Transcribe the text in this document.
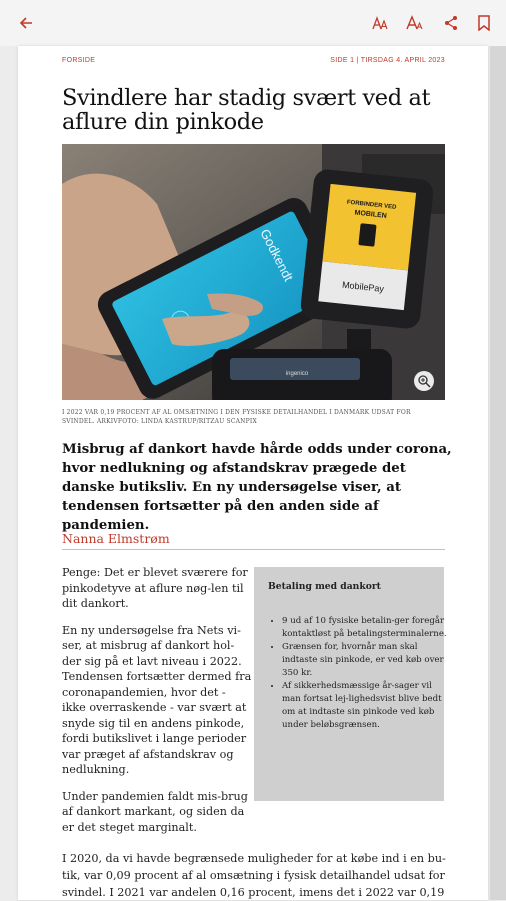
FORSIDE	SIDE 1 | TIRSDAG 4. APRIL 2023
Svindlere har stadig svært ved at aflure din pinkode
Godkendt
FORBINDER VED
MOBILEN
MobilePay
ingenico
I 2022 VAR 0,19 PROCENT AF AL OMSÆTNING I DEN FYSISKE DETAILHANDEL I DANMARK UDSAT FOR SVINDEL. ARKIVFOTO: LINDA KASTRUP/RITZAU SCANPIX

Misbrug af dankort havde hårde odds under corona, hvor nedlukning og afstandskrav prægede det danske butiksliv. En ny undersøgelse viser, at tendensen fortsætter på den anden side af pandemien.

Nanna Elmstrøm

Penge: Det er blevet sværere for pinkodetyve at aflure nøg-len til dit dankort.

En ny undersøgelse fra Nets vi-ser, at misbrug af dankort hol-der sig på et lavt niveau i 2022. Tendensen fortsætter dermed fra coronapandemien, hvor det - ikke overraskende - var svært at snyde sig til en andens pinkode, fordi butikslivet i lange perioder var præget af afstandskrav og nedlukning.

Under pandemien faldt mis-brug af dankort markant, og siden da er det steget marginalt.

Betaling med dankort
• 9 ud af 10 fysiske betalin-ger foregår kontaktløst på betalingsterminalerne.
• Grænsen for, hvornår man skal indtaste sin pinkode, er ved køb over 350 kr.
• Af sikkerhedsmæssige år-sager vil man fortsat lej-lighedsvist blive bedt om at indtaste sin pinkode ved køb under beløbsgrænsen.

I 2020, da vi havde begrænsede muligheder for at købe ind i en bu-tik, var 0,09 procent af al omsætning i fysisk detailhandel udsat for svindel. I 2021 var andelen 0,16 procent, imens det i 2022 var 0,19
